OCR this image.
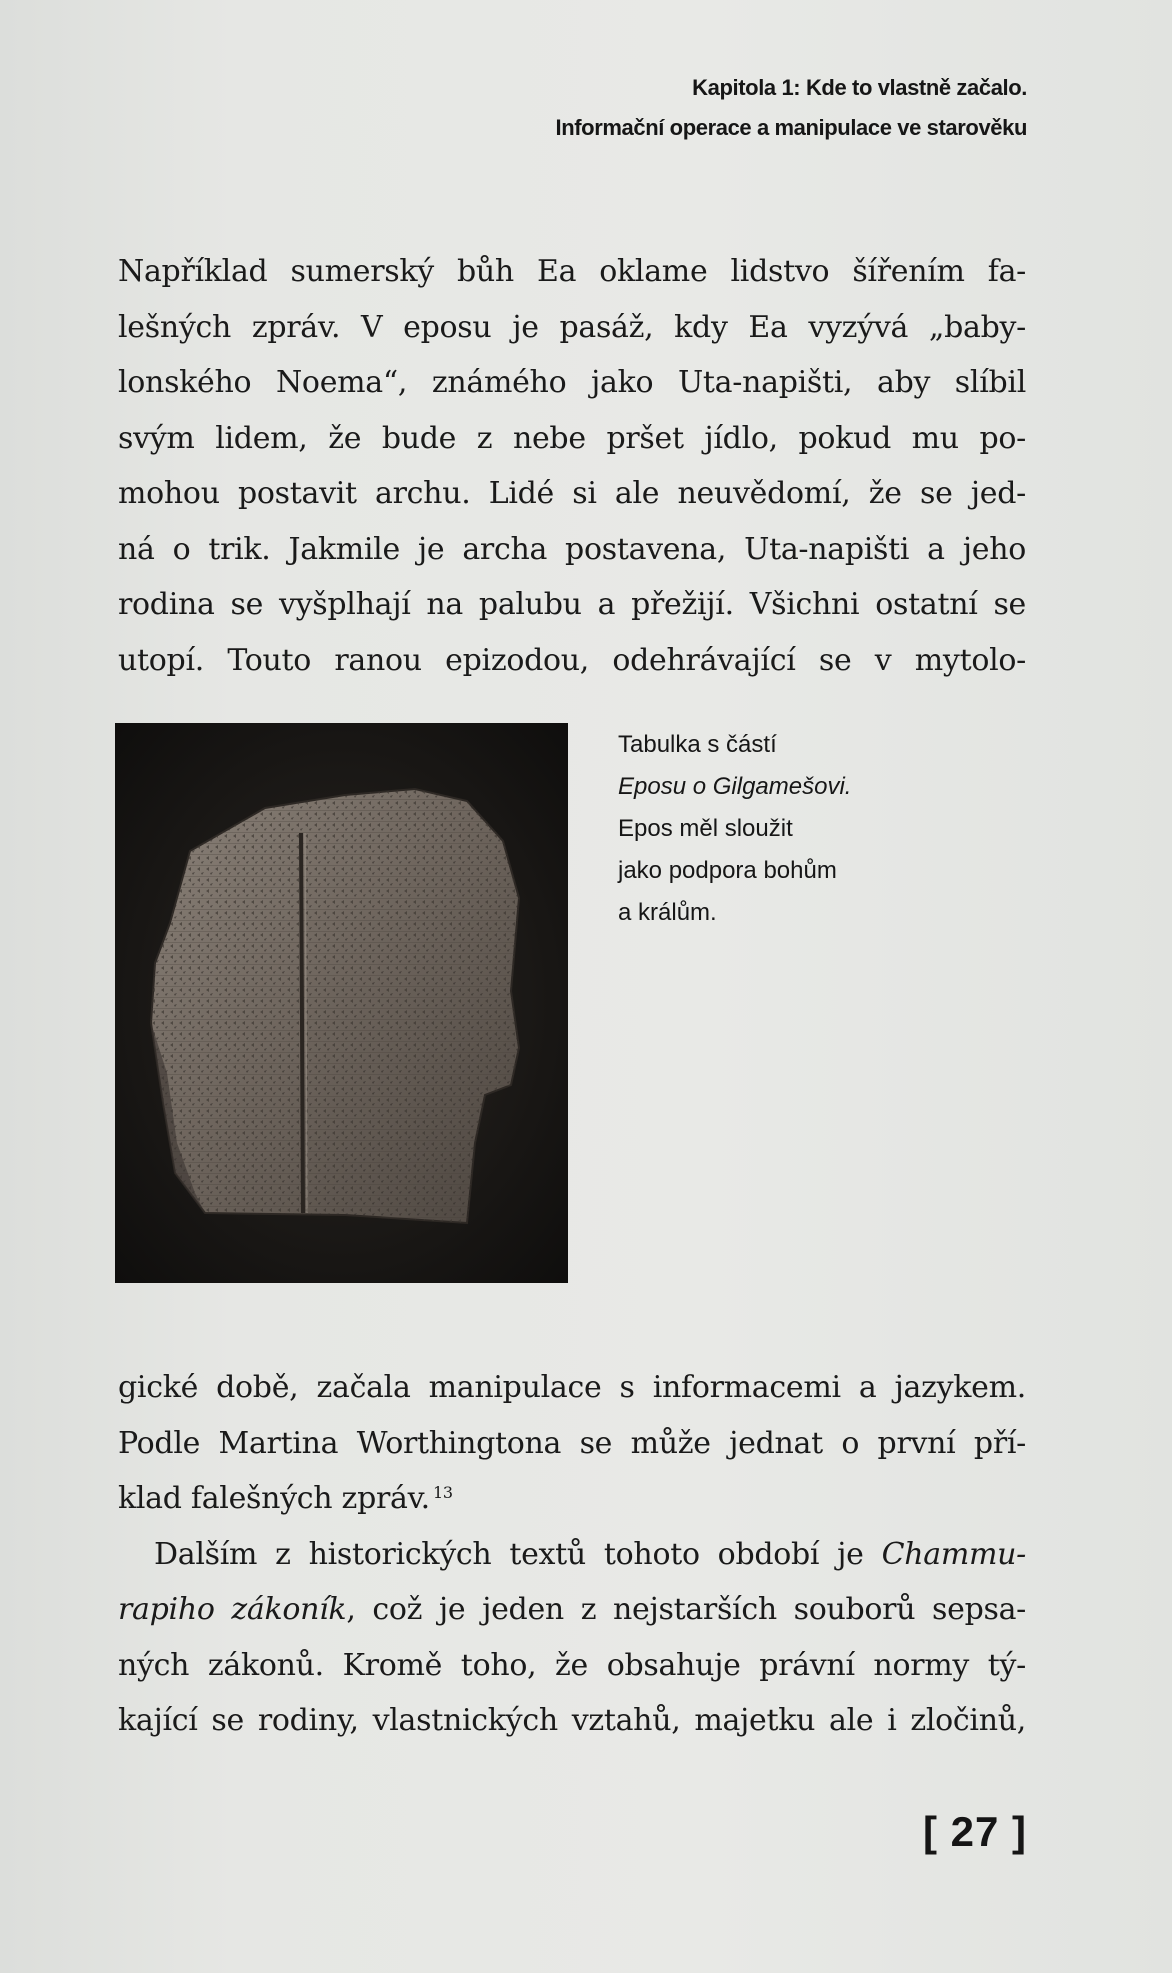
Kapitola 1: Kde to vlastně začalo.
Informační operace a manipulace ve starověku
Například sumerský bůh Ea oklame lidstvo šířením fa-
lešných zpráv. V eposu je pasáž, kdy Ea vyzývá „baby-
lonského Noema“, známého jako Uta-napišti, aby slíbil
svým lidem, že bude z nebe pršet jídlo, pokud mu po-
mohou postavit archu. Lidé si ale neuvědomí, že se jed-
ná o trik. Jakmile je archa postavena, Uta-napišti a jeho
rodina se vyšplhají na palubu a přežijí. Všichni ostatní se
utopí. Touto ranou epizodou, odehrávající se v mytolo-
Tabulka s částí
Eposu o Gilgamešovi.
Epos měl sloužit
jako podpora bohům
a králům.
gické době, začala manipulace s informacemi a jazykem.
Podle Martina Worthingtona se může jednat o první pří-
klad falešných zpráv. $^{13}$
Dalším z historických textů tohoto období je Chammu-
rapiho zákoník, což je jeden z nejstarších souborů sepsa-
ných zákonů. Kromě toho, že obsahuje právní normy tý-
kající se rodiny, vlastnických vztahů, majetku ale i zločinů,
[ 27 ]
